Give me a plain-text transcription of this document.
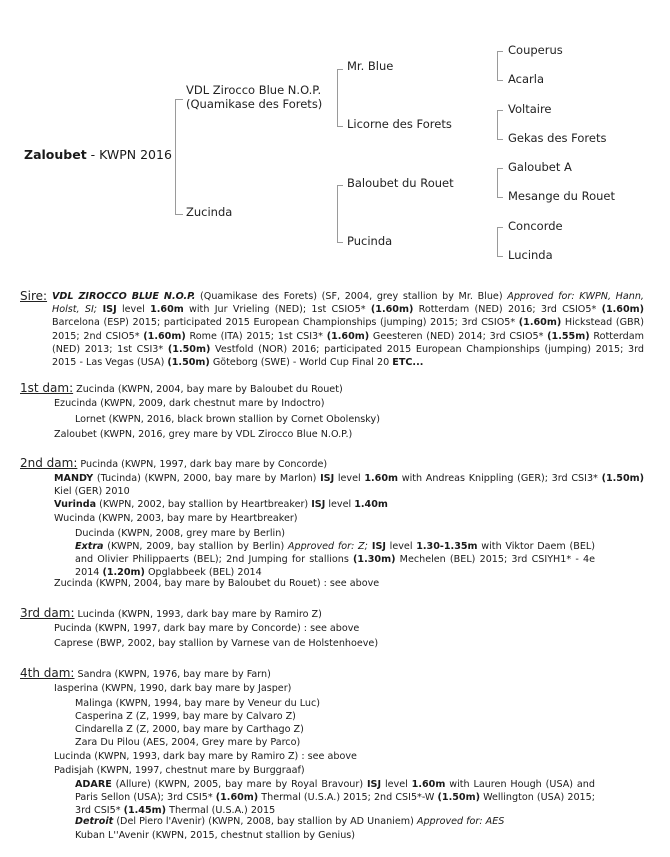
Zaloubet - KWPN 2016
VDL Zirocco Blue N.O.P.
(Quamikase des Forets)
Zucinda
Mr. Blue
Licorne des Forets
Baloubet du Rouet
Pucinda
Couperus
Acarla
Voltaire
Gekas des Forets
Galoubet A
Mesange du Rouet
Concorde
Lucinda
Sire: VDL ZIROCCO BLUE N.O.P. (Quamikase des Forets) (SF, 2004, grey stallion by Mr. Blue) Approved for: KWPN, Hann, Holst, SI; ISJ level 1.60m with Jur Vrieling (NED); 1st CSIO5* (1.60m) Rotterdam (NED) 2016; 3rd CSIO5* (1.60m) Barcelona (ESP) 2015; participated 2015 European Championships (jumping) 2015; 3rd CSIO5* (1.60m) Hickstead (GBR) 2015; 2nd CSIO5* (1.60m) Rome (ITA) 2015; 1st CSI3* (1.60m) Geesteren (NED) 2014; 3rd CSIO5* (1.55m) Rotterdam (NED) 2013; 1st CSI3* (1.50m) Vestfold (NOR) 2016; participated 2015 European Championships (jumping) 2015; 3rd 2015 - Las Vegas (USA) (1.50m) Göteborg (SWE) - World Cup Final 20 ETC...
1st dam: Zucinda (KWPN, 2004, bay mare by Baloubet du Rouet)
Ezucinda (KWPN, 2009, dark chestnut mare by Indoctro)
Lornet (KWPN, 2016, black brown stallion by Cornet Obolensky)
Zaloubet (KWPN, 2016, grey mare by VDL Zirocco Blue N.O.P.)
2nd dam: Pucinda (KWPN, 1997, dark bay mare by Concorde)
MANDY (Tucinda) (KWPN, 2000, bay mare by Marlon) ISJ level 1.60m with Andreas Knippling (GER); 3rd CSI3* (1.50m) Kiel (GER) 2010
Vurinda (KWPN, 2002, bay stallion by Heartbreaker) ISJ level 1.40m
Wucinda (KWPN, 2003, bay mare by Heartbreaker)
Ducinda (KWPN, 2008, grey mare by Berlin)
Extra (KWPN, 2009, bay stallion by Berlin) Approved for: Z; ISJ level 1.30-1.35m with Viktor Daem (BEL) and Olivier Philippaerts (BEL); 2nd Jumping for stallions (1.30m) Mechelen (BEL) 2015; 3rd CSIYH1* - 4e 2014 (1.20m) Opglabbeek (BEL) 2014
Zucinda (KWPN, 2004, bay mare by Baloubet du Rouet) : see above
3rd dam: Lucinda (KWPN, 1993, dark bay mare by Ramiro Z)
Pucinda (KWPN, 1997, dark bay mare by Concorde) : see above
Caprese (BWP, 2002, bay stallion by Varnese van de Holstenhoeve)
4th dam: Sandra (KWPN, 1976, bay mare by Farn)
Iasperina (KWPN, 1990, dark bay mare by Jasper)
Malinga (KWPN, 1994, bay mare by Veneur du Luc)
Casperina Z (Z, 1999, bay mare by Calvaro Z)
Cindarella Z (Z, 2000, bay mare by Carthago Z)
Zara Du Pilou (AES, 2004, Grey mare by Parco)
Lucinda (KWPN, 1993, dark bay mare by Ramiro Z) : see above
Padisjah (KWPN, 1997, chestnut mare by Burggraaf)
ADARE (Allure) (KWPN, 2005, bay mare by Royal Bravour) ISJ level 1.60m with Lauren Hough (USA) and Paris Sellon (USA); 3rd CSI5* (1.60m) Thermal (U.S.A.) 2015; 2nd CSI5*-W (1.50m) Wellington (USA) 2015; 3rd CSI5* (1.45m) Thermal (U.S.A.) 2015
Detroit (Del Piero l'Avenir) (KWPN, 2008, bay stallion by AD Unaniem) Approved for: AES
Kuban L''Avenir (KWPN, 2015, chestnut stallion by Genius)
